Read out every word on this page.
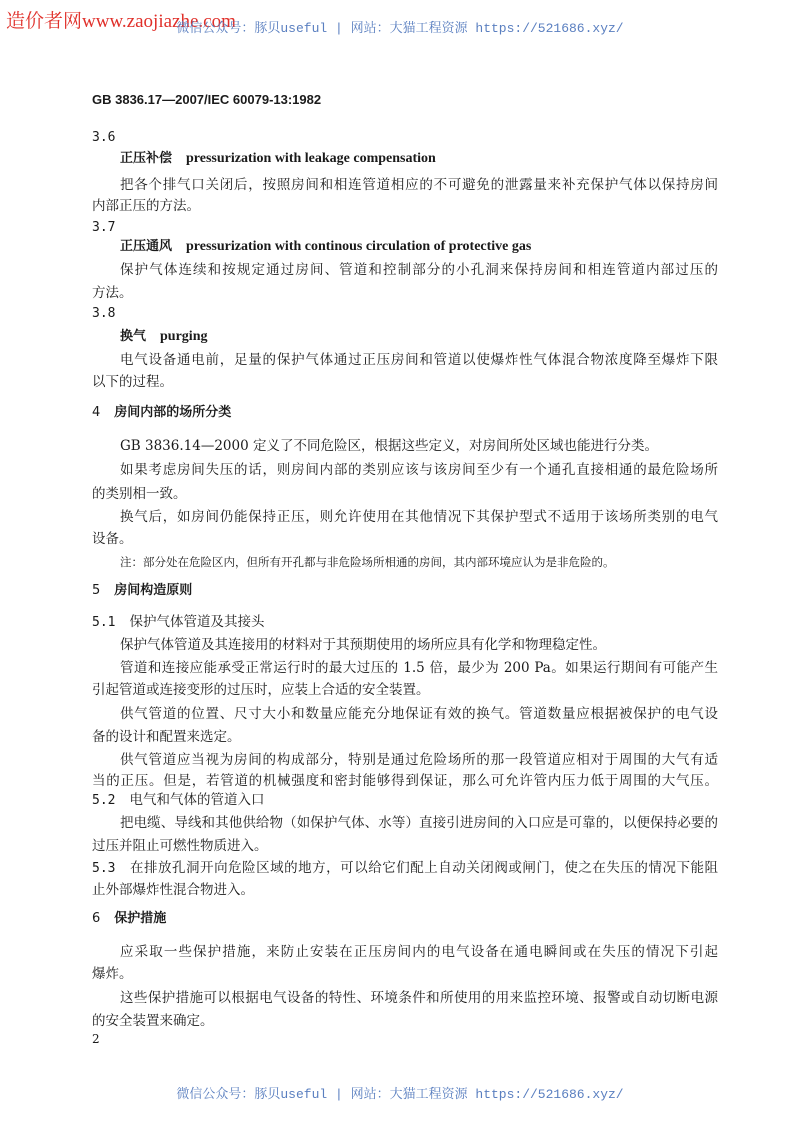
造价者网www.zaojiazhe.com
微信公众号：豚贝useful | 网站：大猫工程资源 https://521686.xyz/
GB 3836.17—2007/IEC 60079-13:1982
3.6
正压补偿 pressurization with leakage compensation
把各个排气口关闭后，按照房间和相连管道相应的不可避免的泄露量来补充保护气体以保持房间
内部正压的方法。
3.7
正压通风 pressurization with continous circulation of protective gas
保护气体连续和按规定通过房间、管道和控制部分的小孔洞来保持房间和相连管道内部过压的
方法。
3.8
换气 purging
电气设备通电前，足量的保护气体通过正压房间和管道以使爆炸性气体混合物浓度降至爆炸下限
以下的过程。
4 房间内部的场所分类
GB 3836.14—2000 定义了不同危险区，根据这些定义，对房间所处区域也能进行分类。
如果考虑房间失压的话，则房间内部的类别应该与该房间至少有一个通孔直接相通的最危险场所
的类别相一致。
换气后，如房间仍能保持正压，则允许使用在其他情况下其保护型式不适用于该场所类别的电气
设备。
注：部分处在危险区内，但所有开孔都与非危险场所相通的房间，其内部环境应认为是非危险的。
5 房间构造原则
5.1 保护气体管道及其接头
保护气体管道及其连接用的材料对于其预期使用的场所应具有化学和物理稳定性。
管道和连接应能承受正常运行时的最大过压的 1.5 倍，最少为 200 Pa。如果运行期间有可能产生
引起管道或连接变形的过压时，应装上合适的安全装置。
供气管道的位置、尺寸大小和数量应能充分地保证有效的换气。管道数量应根据被保护的电气设
备的设计和配置来选定。
供气管道应当视为房间的构成部分，特别是通过危险场所的那一段管道应相对于周围的大气有适
当的正压。但是，若管道的机械强度和密封能够得到保证，那么可允许管内压力低于周围的大气压。
5.2 电气和气体的管道入口
把电缆、导线和其他供给物（如保护气体、水等）直接引进房间的入口应是可靠的，以便保持必要的
过压并阻止可燃性物质进入。
5.3 在排放孔洞开向危险区域的地方，可以给它们配上自动关闭阀或闸门，使之在失压的情况下能阻
止外部爆炸性混合物进入。
6 保护措施
应采取一些保护措施，来防止安装在正压房间内的电气设备在通电瞬间或在失压的情况下引起
爆炸。
这些保护措施可以根据电气设备的特性、环境条件和所使用的用来监控环境、报警或自动切断电源
的安全装置来确定。
2
微信公众号：豚贝useful | 网站：大猫工程资源 https://521686.xyz/
